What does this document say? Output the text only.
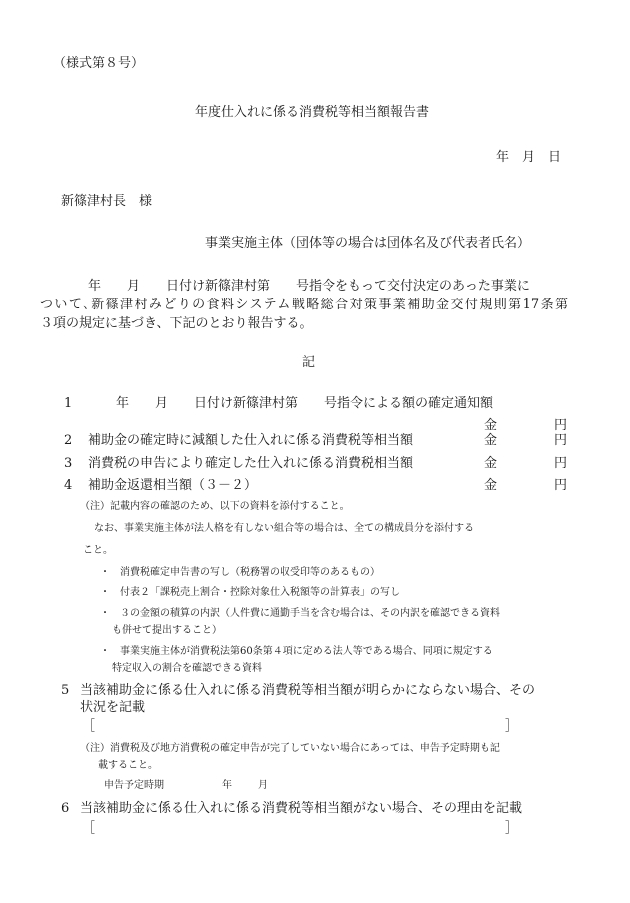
（様式第８号）
年度仕入れに係る消費税等相当額報告書
年　月　日
新篠津村長　様
事業実施主体（団体等の場合は団体名及び代表者氏名）
年　　月　　日付け新篠津村第　　号指令をもって交付決定のあった事業に
ついて､新篠津村みどりの食料システム戦略総合対策事業補助金交付規則第17条第
３項の規定に基づき、下記のとおり報告する。
記
1	年　　月　　日付け新篠津村第　　号指令による額の確定通知額
金	円
2 補助金の確定時に減額した仕入れに係る消費税等相当額	金	円
3 消費税の申告により確定した仕入れに係る消費税相当額	金	円
4 補助金返還相当額（３－２）	金	円
（注）記載内容の確認のため、以下の資料を添付すること。
なお、事業実施主体が法人格を有しない組合等の場合は、全ての構成員分を添付する
こと。
・ 消費税確定申告書の写し（税務署の収受印等のあるもの）
・ 付表２「課税売上割合・控除対象仕入税額等の計算表」の写し
・ ３の金額の積算の内訳（人件費に通勤手当を含む場合は、その内訳を確認できる資料
も併せて提出すること）
・ 事業実施主体が消費税法第60条第４項に定める法人等である場合、同項に規定する
特定収入の割合を確認できる資料
5 当該補助金に係る仕入れに係る消費税等相当額が明らかにならない場合、その
状況を記載
［	］
（注）消費税及び地方消費税の確定申告が完了していない場合にあっては、申告予定時期も記
載すること。
申告予定時期	年	月
6 当該補助金に係る仕入れに係る消費税等相当額がない場合、その理由を記載
［	］
